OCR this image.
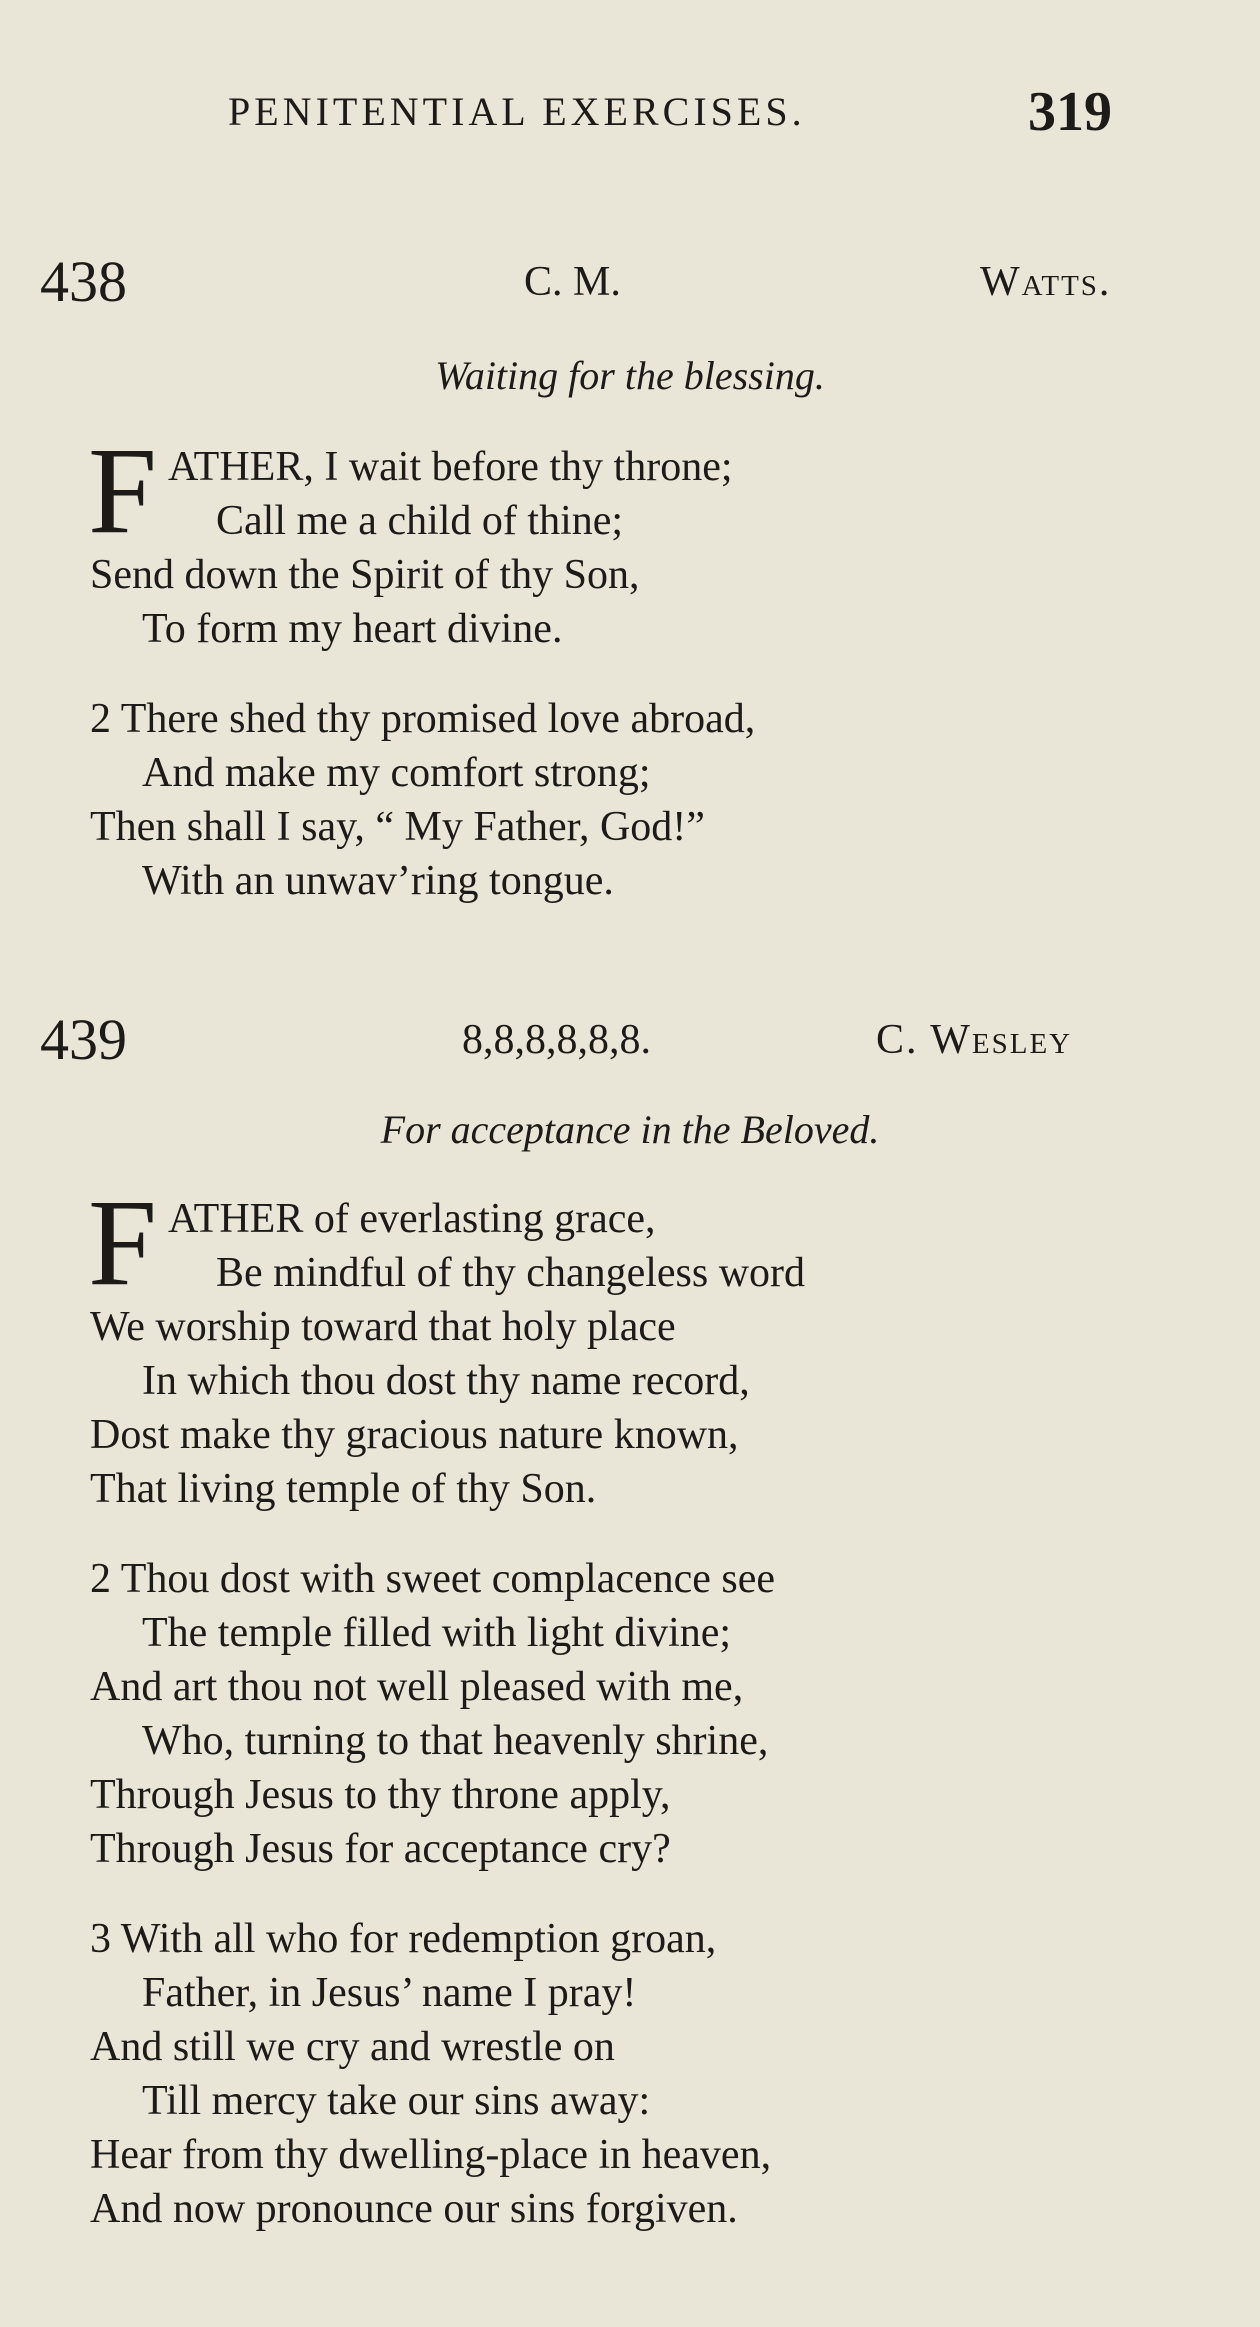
PENITENTIAL EXERCISES.	319
438	C. M.	Watts.
Waiting for the blessing.
F ATHER, I wait before thy throne;
Call me a child of thine;
Send down the Spirit of thy Son,
To form my heart divine.
2 There shed thy promised love abroad,
And make my comfort strong;
Then shall I say, “ My Father, God!”
With an unwav’ring tongue.
439	8,8,8,8,8,8.	C. Wesley
For acceptance in the Beloved.
F ATHER of everlasting grace,
Be mindful of thy changeless word
We worship toward that holy place
In which thou dost thy name record,
Dost make thy gracious nature known,
That living temple of thy Son.
2 Thou dost with sweet complacence see
The temple filled with light divine;
And art thou not well pleased with me,
Who, turning to that heavenly shrine,
Through Jesus to thy throne apply,
Through Jesus for acceptance cry?
3 With all who for redemption groan,
Father, in Jesus’ name I pray!
And still we cry and wrestle on
Till mercy take our sins away:
Hear from thy dwelling-place in heaven,
And now pronounce our sins forgiven.
